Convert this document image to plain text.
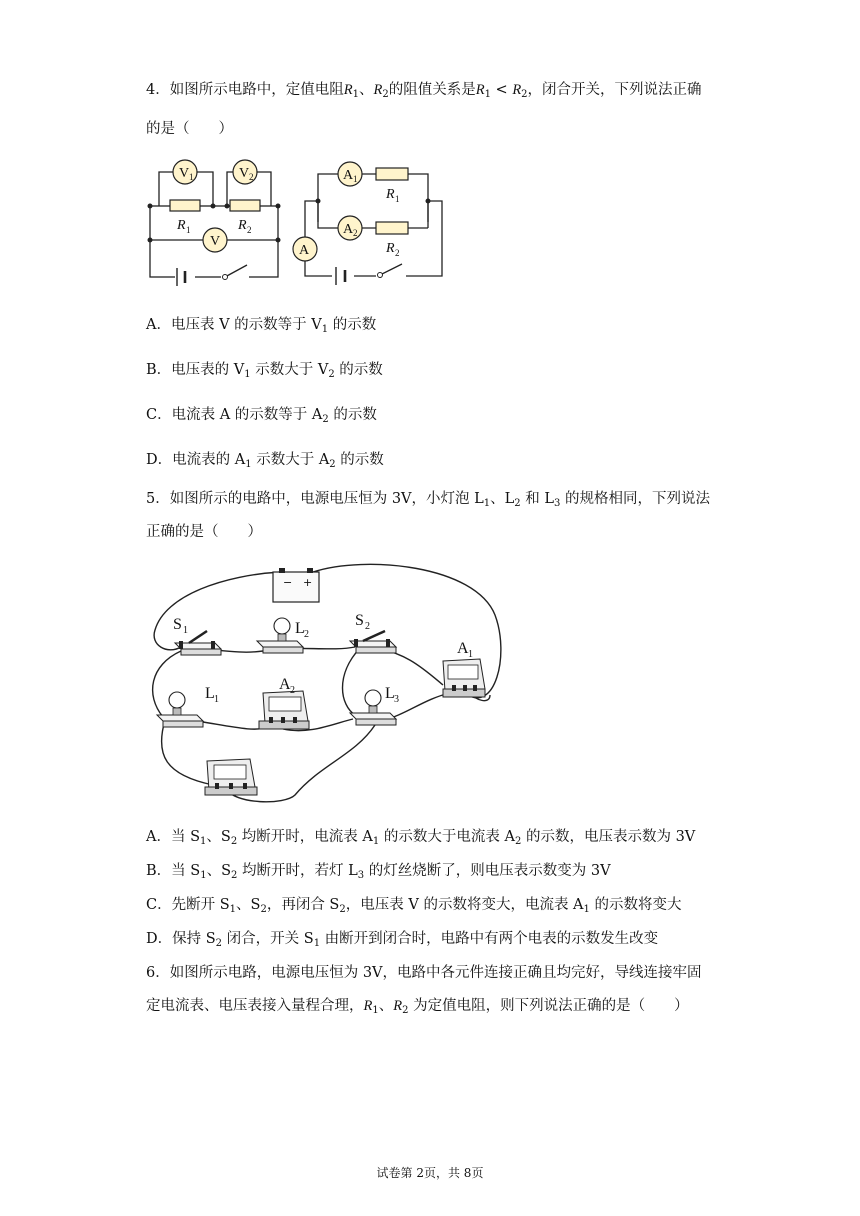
4．如图所示电路中，定值电阻$R_1$、$R_2$的阻值关系是$R_1 < R_2$，闭合开关，下列说法正确
的是（　　）
V 1	V 2
V
R 1	R 2
A 1
A 2
A
R 1
R 2
A．电压表 V 的示数等于 $V_1$ 的示数
B．电压表的 $V_1$ 示数大于 $V_2$ 的示数
C．电流表 A 的示数等于 $A_2$ 的示数
D．电流表的 $A_1$ 示数大于 $A_2$ 的示数
5．如图所示的电路中，电源电压恒为 3V，小灯泡 $L_1$、$L_2$ 和 $L_3$ 的规格相同，下列说法
正确的是（　　）
− +
S 1	L 2
S 2
A 1
L 1
A 2	L 3
A．当 $S_1$、$S_2$ 均断开时，电流表 $A_1$ 的示数大于电流表 $A_2$ 的示数，电压表示数为 3V
B．当 $S_1$、$S_2$ 均断开时，若灯 $L_3$ 的灯丝烧断了，则电压表示数变为 3V
C．先断开 $S_1$、$S_2$，再闭合 $S_2$，电压表 V 的示数将变大，电流表 $A_1$ 的示数将变大
D．保持 $S_2$ 闭合，开关 $S_1$ 由断开到闭合时，电路中有两个电表的示数发生改变
6．如图所示电路，电源电压恒为 3V，电路中各元件连接正确且均完好，导线连接牢固
定电流表、电压表接入量程合理，$R_1$、$R_2$ 为定值电阻，则下列说法正确的是（　　）
试卷第 2页，共 8页
